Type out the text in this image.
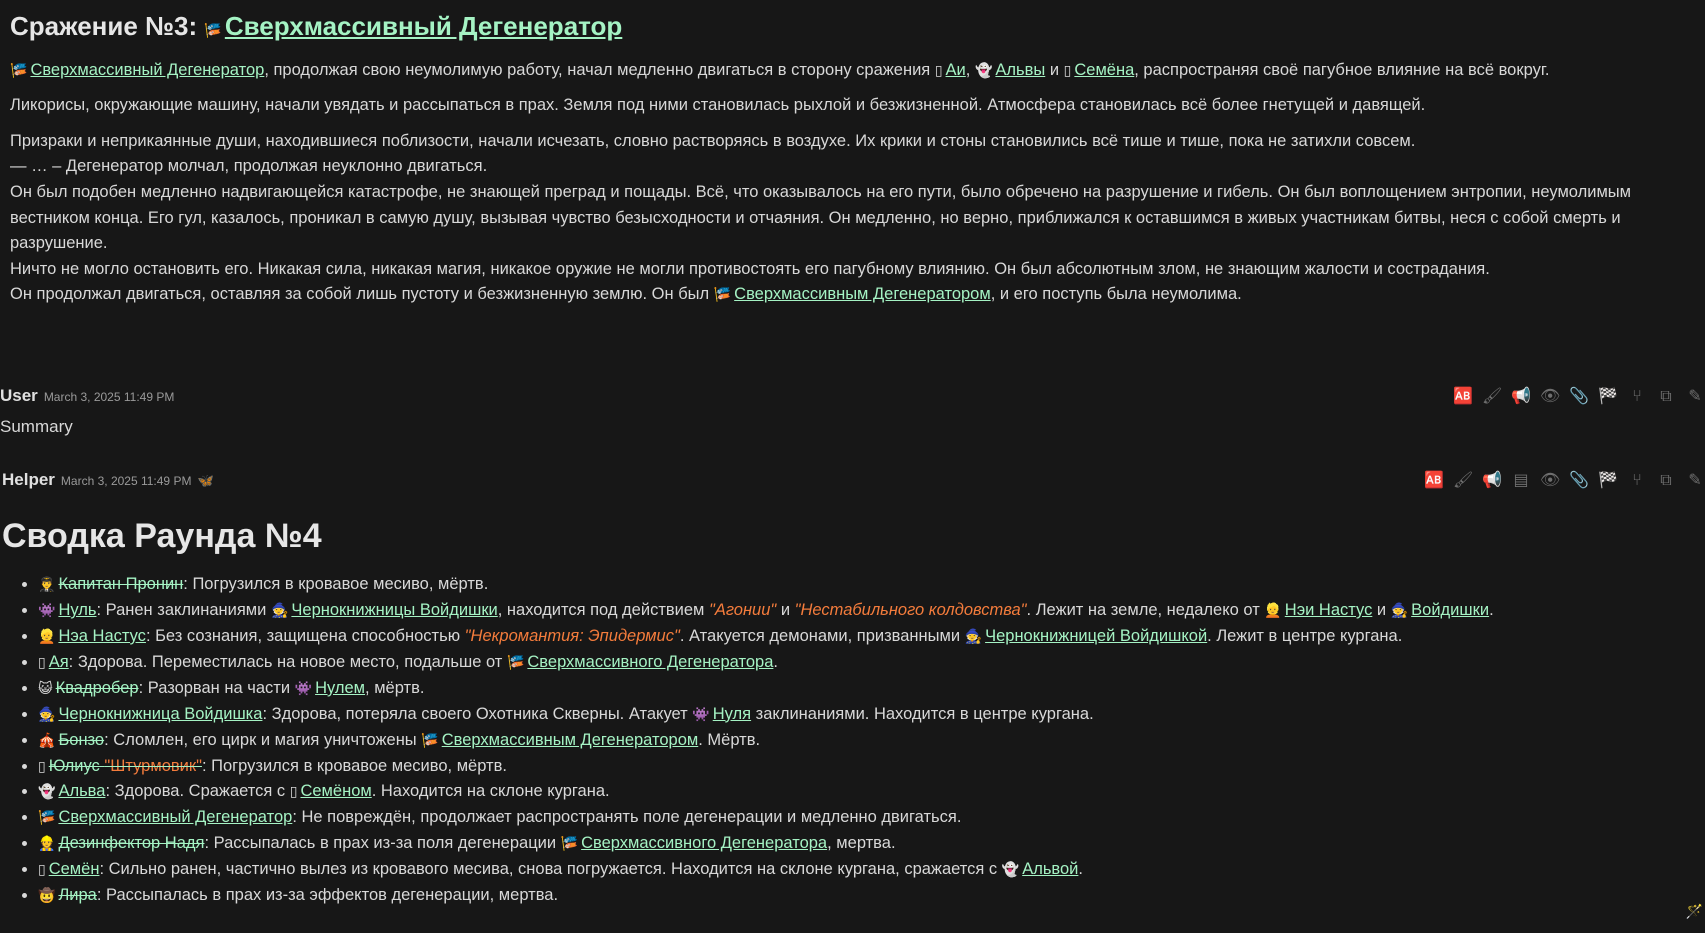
Сражение №3: 🎏 Сверхмассивный Дегенератор

🎏 Сверхмассивный Дегенератор, продолжая свою неумолимую работу, начал медленно двигаться в сторону сражения ▯ Аи, 👻 Альвы и ▯ Семёна, распространяя своё пагубное влияние на всё вокруг.

Ликорисы, окружающие машину, начали увядать и рассыпаться в прах. Земля под ними становилась рыхлой и безжизненной. Атмосфера становилась всё более гнетущей и давящей.

Призраки и неприкаянные души, находившиеся поблизости, начали исчезать, словно растворяясь в воздухе. Их крики и стоны становились всё тише и тише, пока не затихли совсем.

— … – Дегенератор молчал, продолжая неуклонно двигаться.

Он был подобен медленно надвигающейся катастрофе, не знающей преград и пощады. Всё, что оказывалось на его пути, было обречено на разрушение и гибель. Он был воплощением энтропии, неумолимым вестником конца. Его гул, казалось, проникал в самую душу, вызывая чувство безысходности и отчаяния. Он медленно, но верно, приближался к оставшимся в живых участникам битвы, неся с собой смерть и разрушение.

Ничто не могло остановить его. Никакая сила, никакая магия, никакое оружие не могли противостоять его пагубному влиянию. Он был абсолютным злом, не знающим жалости и сострадания.

Он продолжал двигаться, оставляя за собой лишь пустоту и безжизненную землю. Он был 🎏 Сверхмассивным Дегенератором, и его поступь была неумолима.

User March 3, 2025 11:49 PM	🆎 🖌 📢 👁 📎 🏁 ⑂	⧉ ✎
Summary
Helper March 3, 2025 11:49 PM 🦋	🆎 🖌 📢 ▤ 👁 📎 🏁 ⑂	⧉ ✎
Сводка Раунда №4
• 👨‍✈️ Капитан Пронин: Погрузился в кровавое месиво, мёртв.
• 👾 Нуль: Ранен заклинаниями 🧙 Чернокнижницы Войдишки, находится под действием "Агонии" и "Нестабильного колдовства". Лежит на земле, недалеко от 👱 Нэи Настус и 🧙 Войдишки.
• 👱 Нэа Настус: Без сознания, защищена способностью "Некромантия: Эпидермис". Атакуется демонами, призванными 🧙 Чернокнижницей Войдишкой. Лежит в центре кургана.
• ▯ Ая: Здорова. Переместилась на новое место, подальше от 🎏 Сверхмассивного Дегенератора.
• 😺 Квадробер: Разорван на части 👾 Нулем, мёртв.
• 🧙 Чернокнижница Войдишка: Здорова, потеряла своего Охотника Скверны. Атакует 👾 Нуля заклинаниями. Находится в центре кургана.
• 🎪 Бонзо: Сломлен, его цирк и магия уничтожены 🎏 Сверхмассивным Дегенератором. Мёртв.
• ▯ Юлиус "Штурмовик": Погрузился в кровавое месиво, мёртв.
• 👻 Альва: Здорова. Сражается с ▯ Семёном. Находится на склоне кургана.
• 🎏 Сверхмассивный Дегенератор: Не повреждён, продолжает распространять поле дегенерации и медленно двигаться.
• 👷 Дезинфектор Надя: Рассыпалась в прах из-за поля дегенерации 🎏 Сверхмассивного Дегенератора, мертва.
• ▯ Семён: Сильно ранен, частично вылез из кровавого месива, снова погружается. Находится на склоне кургана, сражается с 👻 Альвой.
• 🤠 Лира: Рассыпалась в прах из-за эффектов дегенерации, мертва.
🪄
